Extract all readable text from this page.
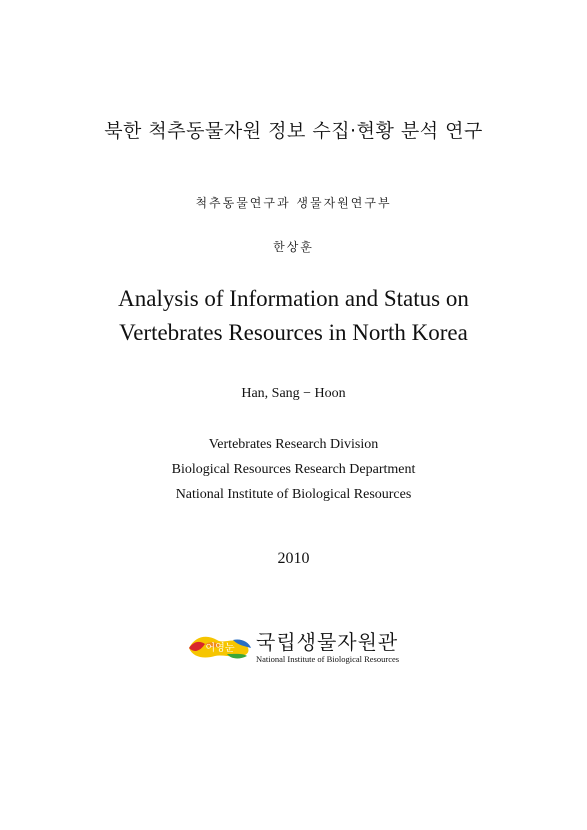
북한 척추동물자원 정보 수집·현황 분석 연구
척추동물연구과 생물자원연구부
한상훈
Analysis of Information and Status on
Vertebrates Resources in North Korea
Han, Sang − Hoon
Vertebrates Research Division
Biological Resources Research Department
National Institute of Biological Resources
2010
어영눈 국립생물자원관
National Institute of Biological Resources
